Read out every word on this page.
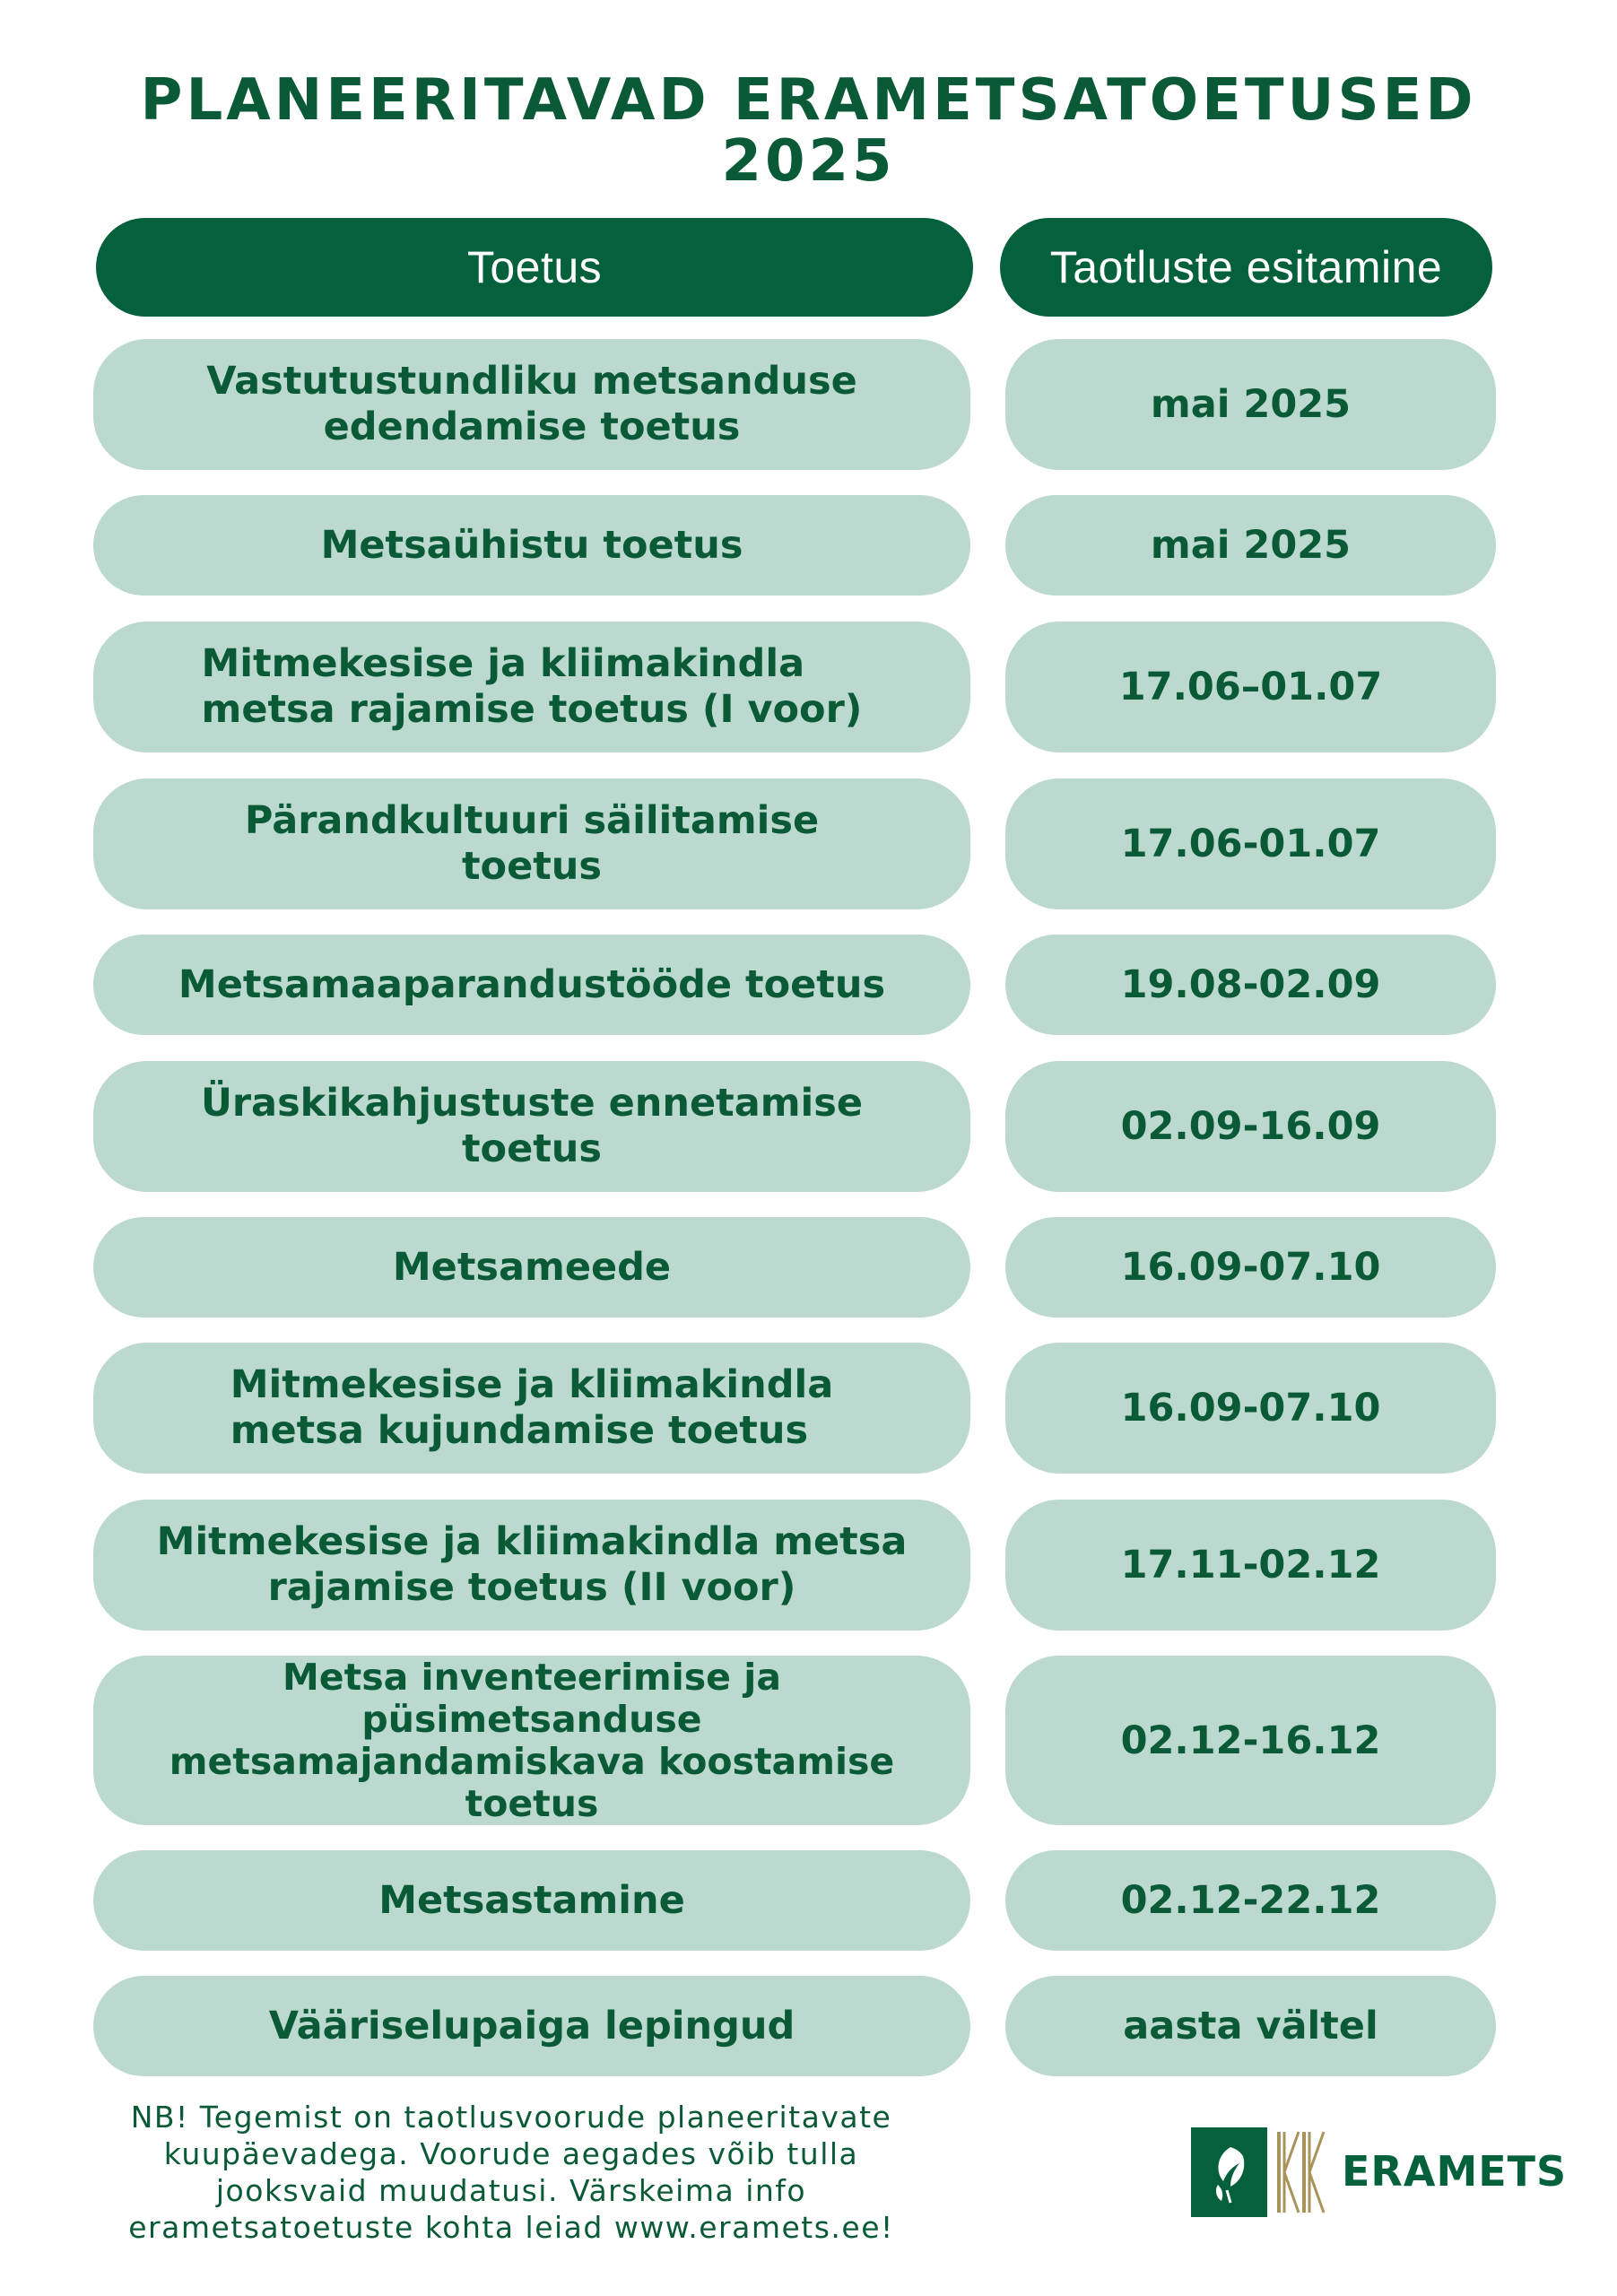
PLANEERITAVAD ERAMETSATOETUSED
2025
Toetus	Taotluste esitamine
Vastutustundliku metsanduse
edendamise toetus	mai 2025
Metsaühistu toetus	mai 2025
Mitmekesise ja kliimakindla
metsa rajamise toetus (I voor)	17.06–01.07
Pärandkultuuri säilitamise
toetus	17.06-01.07
Metsamaaparandustööde toetus	19.08-02.09
Üraskikahjustuste ennetamise
toetus	02.09-16.09
Metsameede	16.09-07.10
Mitmekesise ja kliimakindla
metsa kujundamise toetus	16.09-07.10
Mitmekesise ja kliimakindla metsa
rajamise toetus (II voor)	17.11-02.12
Metsa inventeerimise ja püsimetsanduse
metsamajandamiskava koostamise
toetus
02.12-16.12
Metsastamine	02.12-22.12
Vääriselupaiga lepingud	aasta vältel
NB! Tegemist on taotlusvoorude planeeritavate
kuupäevadega. Voorude aegades võib tulla
jooksvaid muudatusi. Värskeima info
erametsatoetuste kohta leiad www.eramets.ee!
ERAMETS
